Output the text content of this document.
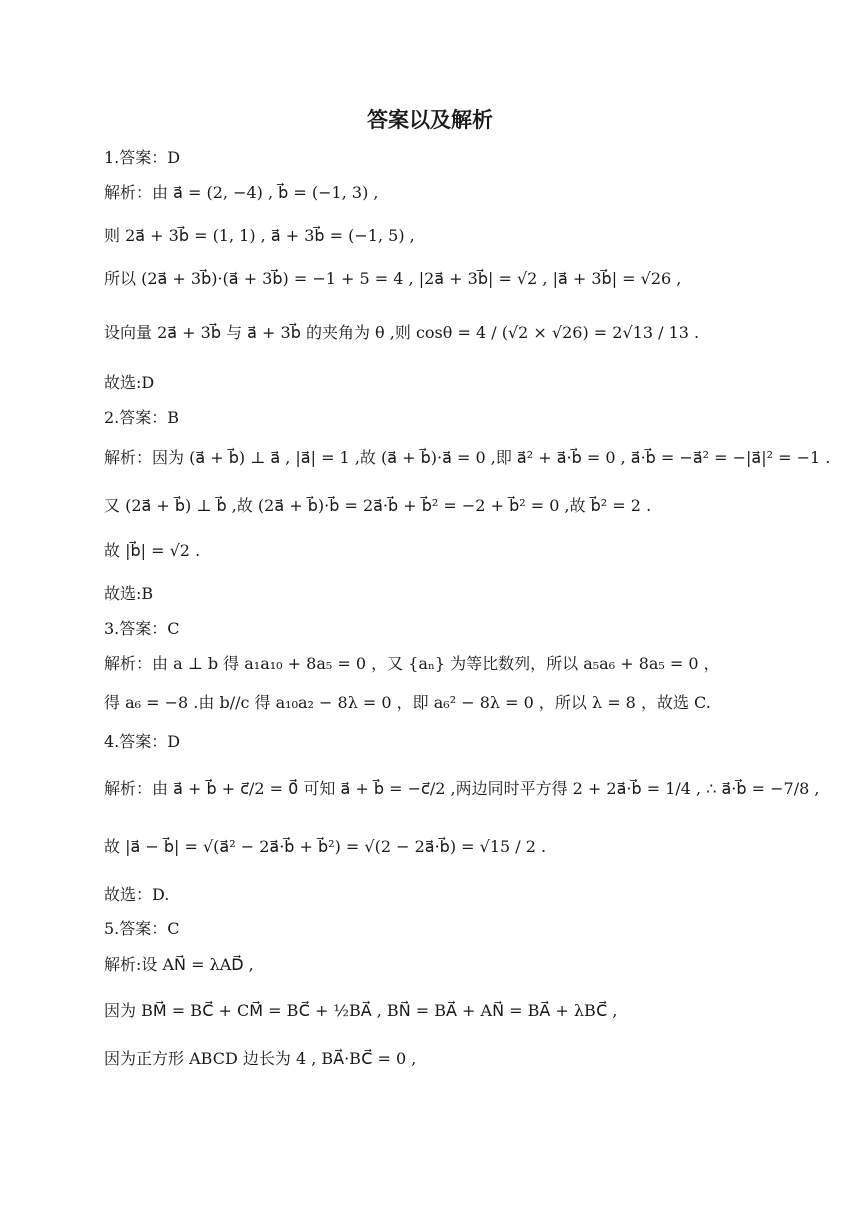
答案以及解析
1.答案：D
解析：由 a⃗ = (2, −4) , b⃗ = (−1, 3) ,
则 2a⃗ + 3b⃗ = (1, 1) , a⃗ + 3b⃗ = (−1, 5) ,
所以 (2a⃗ + 3b⃗)·(a⃗ + 3b⃗) = −1 + 5 = 4 , |2a⃗ + 3b⃗| = √2 , |a⃗ + 3b⃗| = √26 ,
设向量 2a⃗ + 3b⃗ 与 a⃗ + 3b⃗ 的夹角为 θ ,则 cosθ = 4 / (√2 × √26) = 2√13 / 13 .
故选:D
2.答案：B
解析：因为 (a⃗ + b⃗) ⊥ a⃗ , |a⃗| = 1 ,故 (a⃗ + b⃗)·a⃗ = 0 ,即 a⃗² + a⃗·b⃗ = 0 , a⃗·b⃗ = −a⃗² = −|a⃗|² = −1 .
又 (2a⃗ + b⃗) ⊥ b⃗ ,故 (2a⃗ + b⃗)·b⃗ = 2a⃗·b⃗ + b⃗² = −2 + b⃗² = 0 ,故 b⃗² = 2 .
故 |b⃗| = √2 .
故选:B
3.答案：C
解析：由 a ⊥ b 得 a₁a₁₀ + 8a₅ = 0 ，又 {aₙ} 为等比数列，所以 a₅a₆ + 8a₅ = 0 ，
得 a₆ = −8 .由 b//c 得 a₁₀a₂ − 8λ = 0 ，即 a₆² − 8λ = 0 ，所以 λ = 8 ，故选 C.
4.答案：D
解析：由 a⃗ + b⃗ + c⃗/2 = 0⃗ 可知 a⃗ + b⃗ = −c⃗/2 ,两边同时平方得 2 + 2a⃗·b⃗ = 1/4 , ∴ a⃗·b⃗ = −7/8 ,
故 |a⃗ − b⃗| = √(a⃗² − 2a⃗·b⃗ + b⃗²) = √(2 − 2a⃗·b⃗) = √15 / 2 .
故选：D.
5.答案：C
解析:设 AN⃗ = λAD⃗ ,
因为 BM⃗ = BC⃗ + CM⃗ = BC⃗ + ½BA⃗ , BN⃗ = BA⃗ + AN⃗ = BA⃗ + λBC⃗ ,
因为正方形 ABCD 边长为 4 , BA⃗·BC⃗ = 0 ,
